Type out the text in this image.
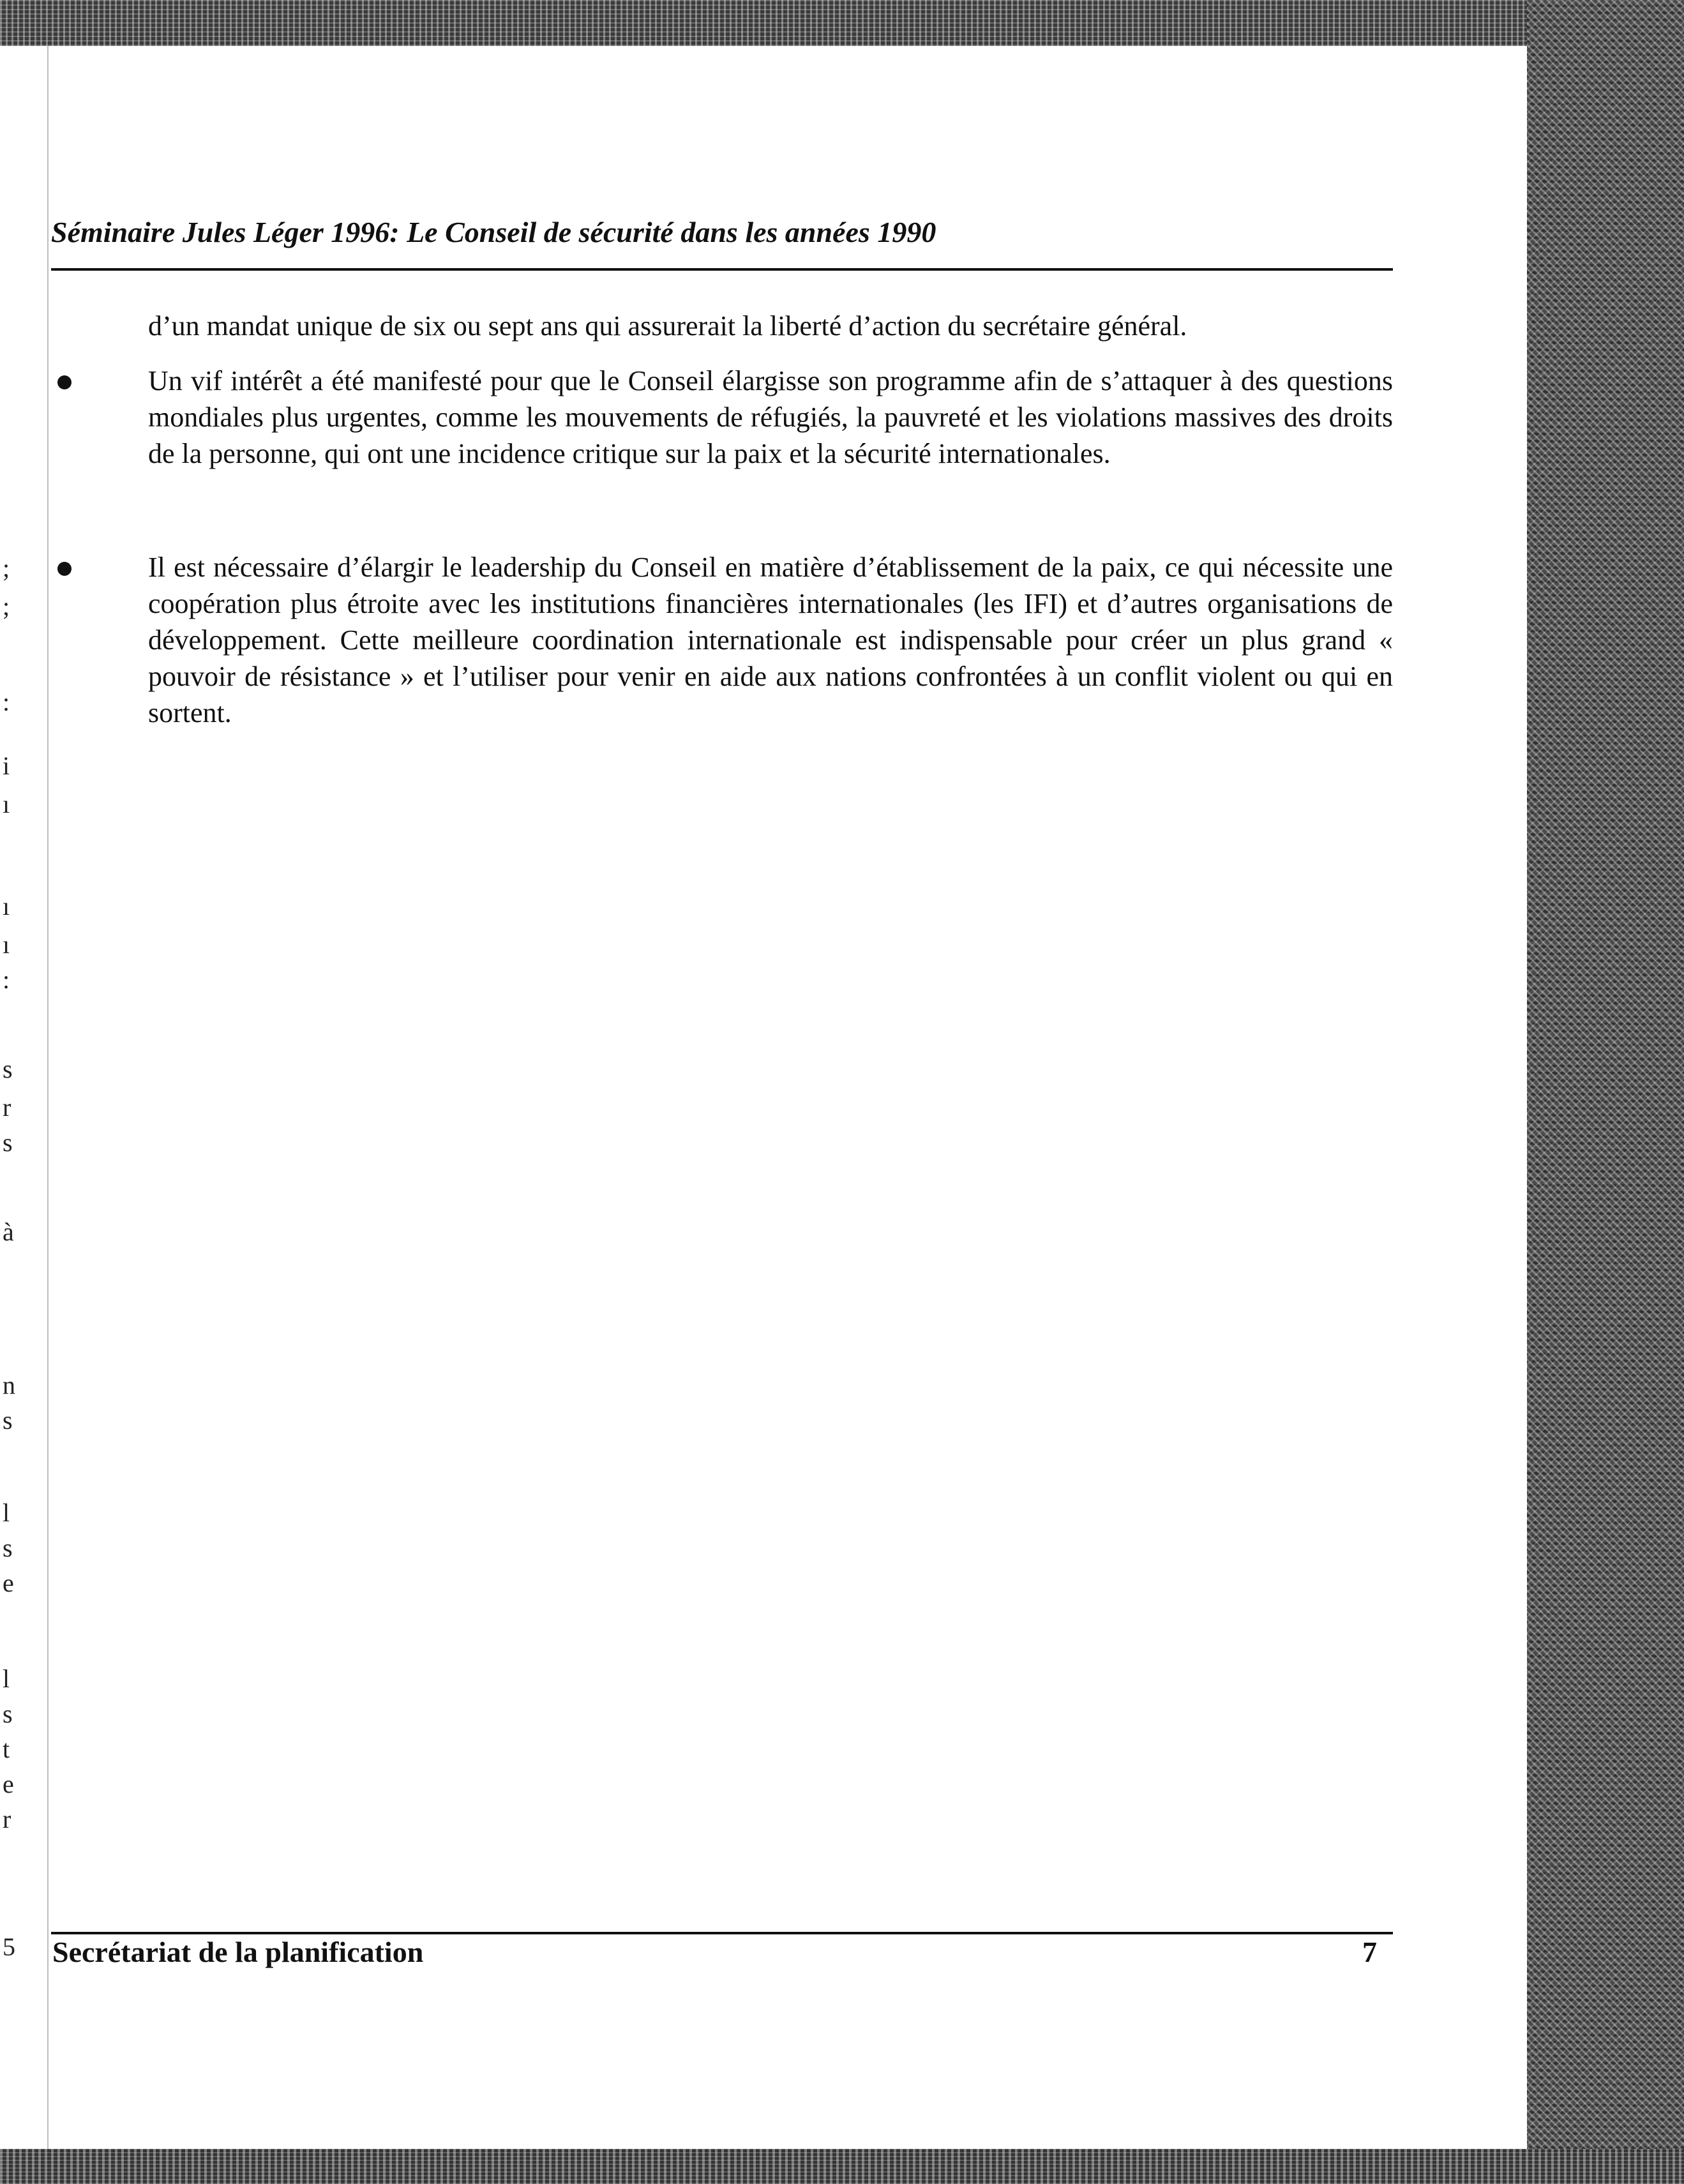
;
;
:
i
ı
ı
ı
:
s
r
s
à
n
s
l
s
e
l
s
t
e
r
5
Séminaire Jules Léger 1996: Le Conseil de sécurité dans les années 1990

d’un mandat unique de six ou sept ans qui assurerait la liberté d’action du secrétaire général.

Un vif intérêt a été manifesté pour que le Conseil élargisse son programme afin de s’attaquer à des questions mondiales plus urgentes, comme les mouvements de réfugiés, la pauvreté et les violations massives des droits de la personne, qui ont une incidence critique sur la paix et la sécurité internationales.

Il est nécessaire d’élargir le leadership du Conseil en matière d’établissement de la paix, ce qui nécessite une coopération plus étroite avec les institutions financières internationales (les IFI) et d’autres organisations de développement. Cette meilleure coordination internationale est indispensable pour créer un plus grand « pouvoir de résistance » et l’utiliser pour venir en aide aux nations confrontées à un conflit violent ou qui en sortent.

Secrétariat de la planification	7
